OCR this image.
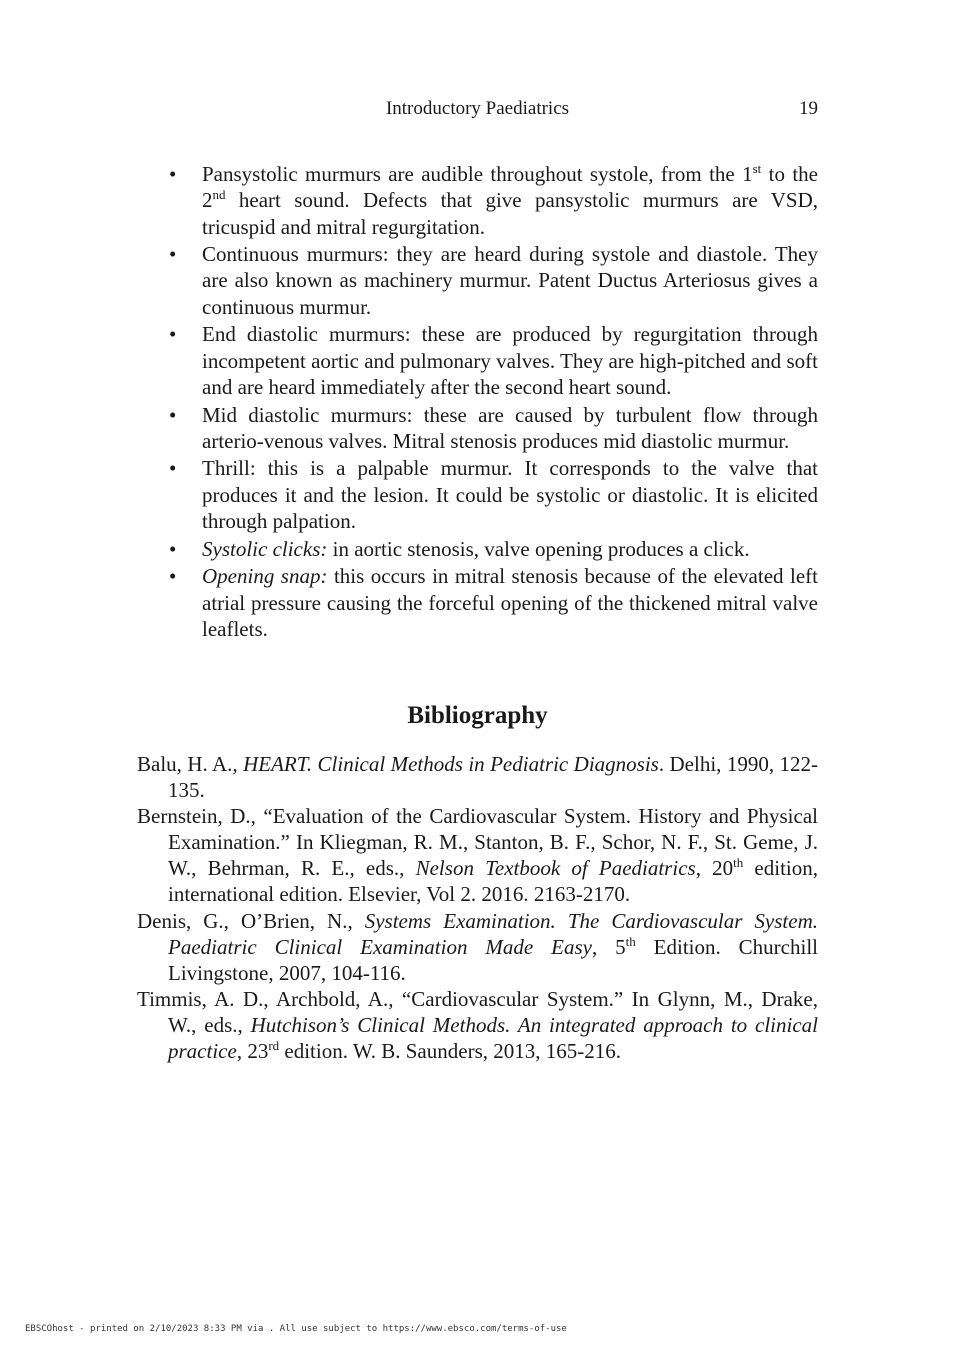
Introductory Paediatrics	19
• Pansystolic murmurs are audible throughout systole, from the 1st to the 2nd heart sound. Defects that give pansystolic murmurs are VSD, tricuspid and mitral regurgitation.
• Continuous murmurs: they are heard during systole and diastole. They are also known as machinery murmur. Patent Ductus Arteriosus gives a continuous murmur.
• End diastolic murmurs: these are produced by regurgitation through incompetent aortic and pulmonary valves. They are high-pitched and soft and are heard immediately after the second heart sound.
• Mid diastolic murmurs: these are caused by turbulent flow through arterio-venous valves. Mitral stenosis produces mid diastolic murmur.
• Thrill: this is a palpable murmur. It corresponds to the valve that produces it and the lesion. It could be systolic or diastolic. It is elicited through palpation.
• Systolic clicks: in aortic stenosis, valve opening produces a click.
• Opening snap: this occurs in mitral stenosis because of the elevated left atrial pressure causing the forceful opening of the thickened mitral valve leaflets.
Bibliography

Balu, H. A., HEART. Clinical Methods in Pediatric Diagnosis. Delhi, 1990, 122-135.

Bernstein, D., “Evaluation of the Cardiovascular System. History and Physical Examination.” In Kliegman, R. M., Stanton, B. F., Schor, N. F., St. Geme, J. W., Behrman, R. E., eds., Nelson Textbook of Paediatrics, 20th edition, international edition. Elsevier, Vol 2. 2016. 2163-2170.

Denis, G., O’Brien, N., Systems Examination. The Cardiovascular System. Paediatric Clinical Examination Made Easy, 5th Edition. Churchill Livingstone, 2007, 104-116.

Timmis, A. D., Archbold, A., “Cardiovascular System.” In Glynn, M., Drake, W., eds., Hutchison’s Clinical Methods. An integrated approach to clinical practice, 23rd edition. W. B. Saunders, 2013, 165-216.

EBSCOhost - printed on 2/10/2023 8:33 PM via . All use subject to https://www.ebsco.com/terms-of-use
